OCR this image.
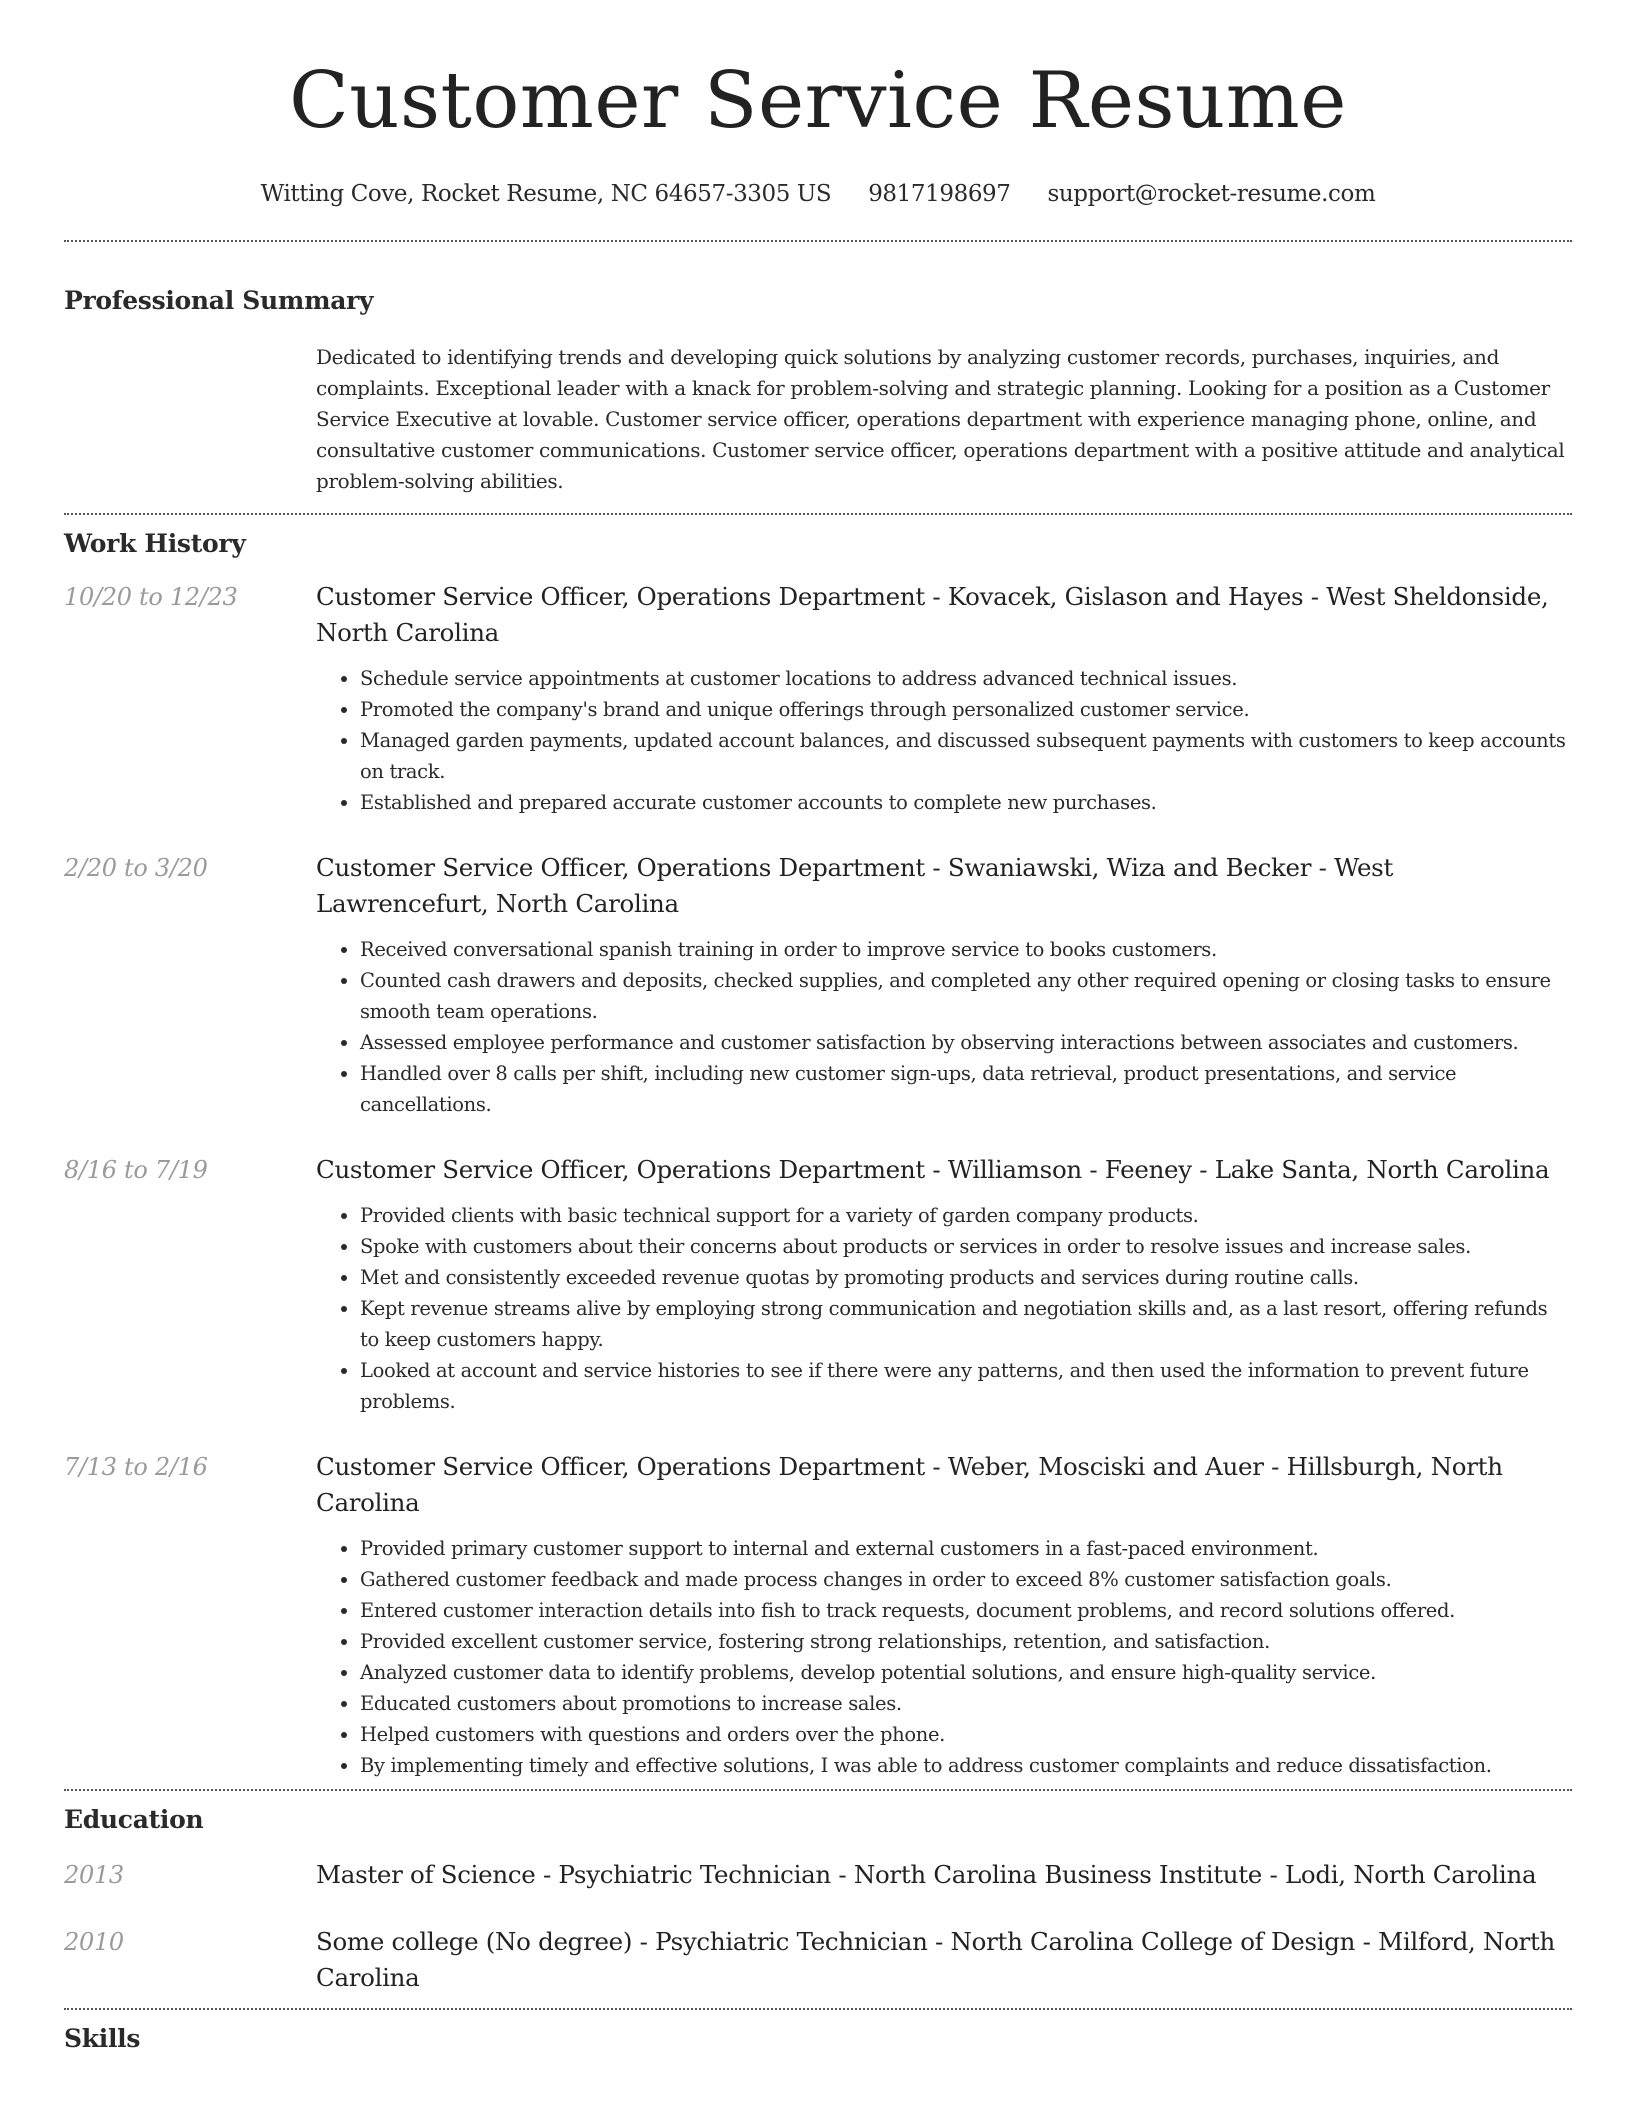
Customer Service Resume
Witting Cove, Rocket Resume, NC 64657-3305 US 9817198697 support@rocket-resume.com
Professional Summary

Dedicated to identifying trends and developing quick solutions by analyzing customer records, purchases, inquiries, and complaints. Exceptional leader with a knack for problem-solving and strategic planning. Looking for a position as a Customer Service Executive at lovable. Customer service officer, operations department with experience managing phone, online, and consultative customer communications. Customer service officer, operations department with a positive attitude and analytical problem-solving abilities.

Work History
10/20 to 12/23	Customer Service Officer, Operations Department - Kovacek, Gislason and Hayes - West Sheldonside, North Carolina
• Schedule service appointments at customer locations to address advanced technical issues.
• Promoted the company's brand and unique offerings through personalized customer service.
• Managed garden payments, updated account balances, and discussed subsequent payments with customers to keep accounts on track.
• Established and prepared accurate customer accounts to complete new purchases.
2/20 to 3/20	Customer Service Officer, Operations Department - Swaniawski, Wiza and Becker - West Lawrencefurt, North Carolina
• Received conversational spanish training in order to improve service to books customers.
• Counted cash drawers and deposits, checked supplies, and completed any other required opening or closing tasks to ensure smooth team operations.
• Assessed employee performance and customer satisfaction by observing interactions between associates and customers.
• Handled over 8 calls per shift, including new customer sign-ups, data retrieval, product presentations, and service cancellations.
8/16 to 7/19	Customer Service Officer, Operations Department - Williamson - Feeney - Lake Santa, North Carolina
• Provided clients with basic technical support for a variety of garden company products.
• Spoke with customers about their concerns about products or services in order to resolve issues and increase sales.
• Met and consistently exceeded revenue quotas by promoting products and services during routine calls.
• Kept revenue streams alive by employing strong communication and negotiation skills and, as a last resort, offering refunds to keep customers happy.
• Looked at account and service histories to see if there were any patterns, and then used the information to prevent future problems.
7/13 to 2/16	Customer Service Officer, Operations Department - Weber, Mosciski and Auer - Hillsburgh, North Carolina
• Provided primary customer support to internal and external customers in a fast-paced environment.
• Gathered customer feedback and made process changes in order to exceed 8% customer satisfaction goals.
• Entered customer interaction details into fish to track requests, document problems, and record solutions offered.
• Provided excellent customer service, fostering strong relationships, retention, and satisfaction.
• Analyzed customer data to identify problems, develop potential solutions, and ensure high-quality service.
• Educated customers about promotions to increase sales.
• Helped customers with questions and orders over the phone.
• By implementing timely and effective solutions, I was able to address customer complaints and reduce dissatisfaction.
Education
2013	Master of Science - Psychiatric Technician - North Carolina Business Institute - Lodi, North Carolina
2010	Some college (No degree) - Psychiatric Technician - North Carolina College of Design - Milford, North Carolina
Skills
